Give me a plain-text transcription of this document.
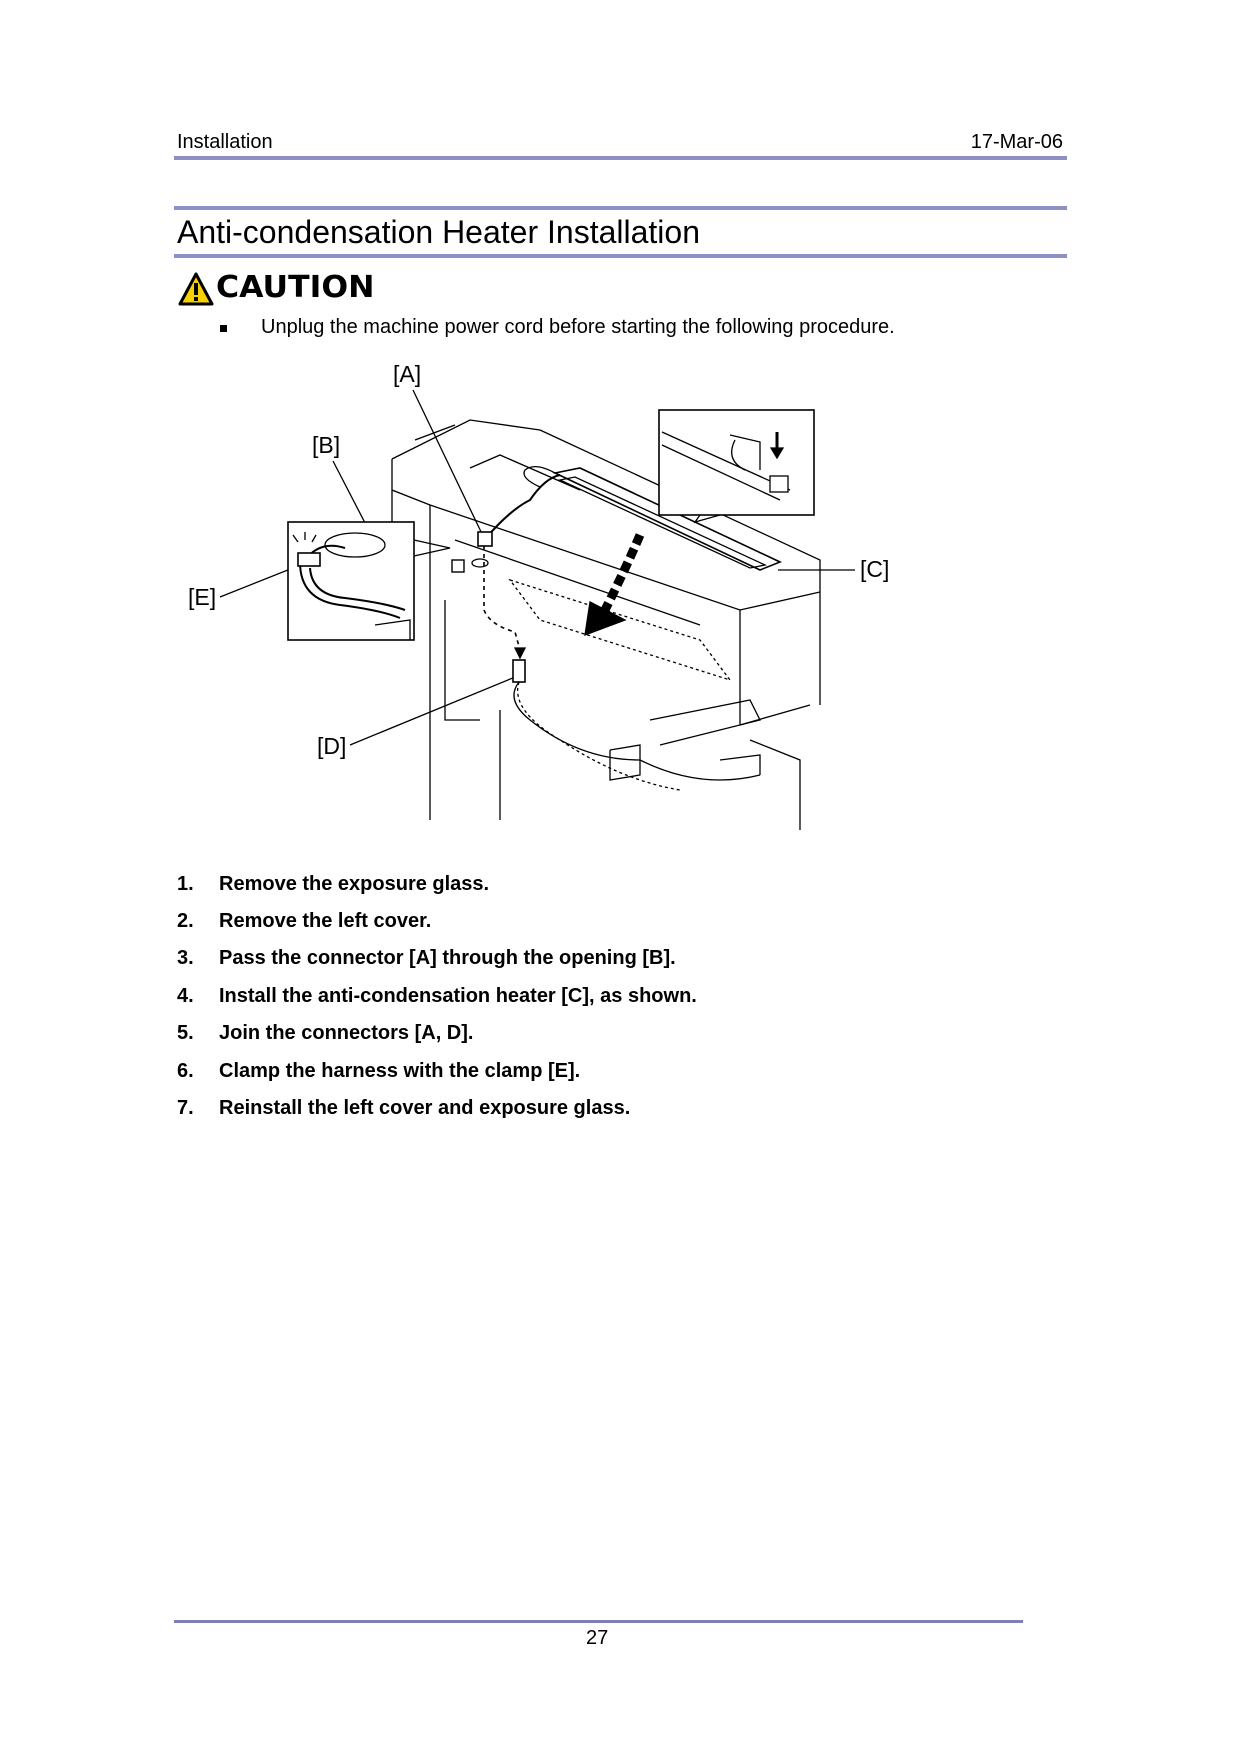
Installation	17-Mar-06
Anti-condensation Heater Installation
CAUTION
Unplug the machine power cord before starting the following procedure.
[A]
[B]
[C]
[D]
[E]
1. Remove the exposure glass.
2. Remove the left cover.
3. Pass the connector [A] through the opening [B].
4. Install the anti-condensation heater [C], as shown.
5. Join the connectors [A, D].
6. Clamp the harness with the clamp [E].
7. Reinstall the left cover and exposure glass.
27
